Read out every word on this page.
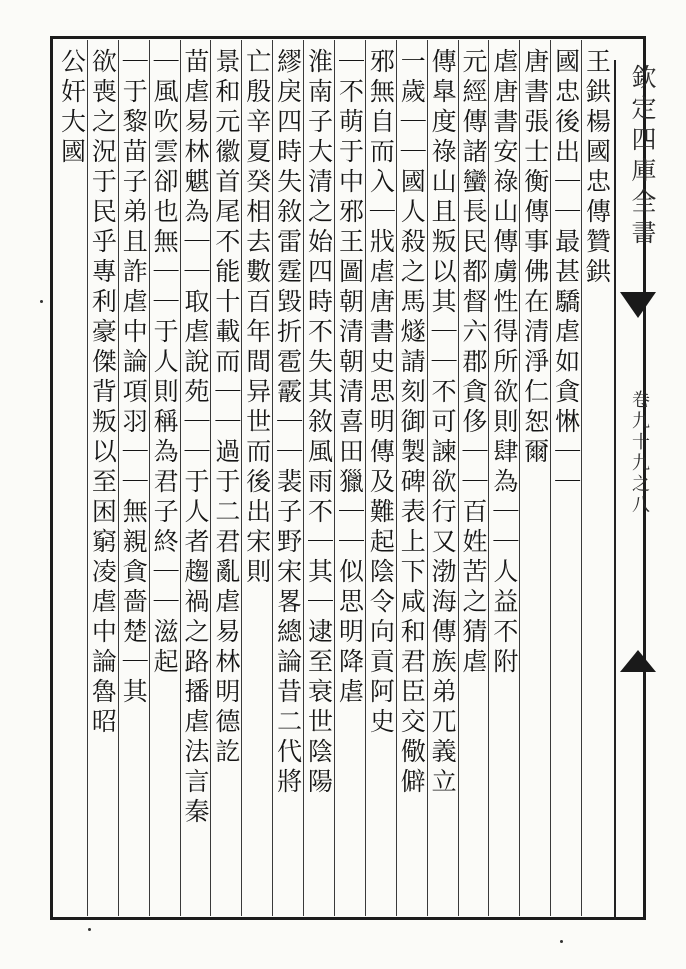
欽定四庫全書
卷九十九之八
王鉷楊國忠傳贊鉷
國忠後出｜｜最甚驕虐如貪惏｜｜
唐書張士衡傳事佛在清淨仁恕爾
虐唐書安祿山傳虜性得所欲則肆為｜｜人益不附
元經傳諸蠻長民都督六郡貪侈｜｜百姓苦之猜虐
傳臯度祿山且叛以其｜｜不可諫欲行又渤海傳族弟兀義立
一歲｜｜國人殺之馬燧請刻御製碑表上下咸和君臣交儆僻
邪無自而入｜戕虐唐書史思明傳及難起陰令向貢阿史
｜不萌于中邪王圖朝清朝清喜田獵｜｜似思明降虐
淮南子大清之始四時不失其敘風雨不｜其｜逮至衰世陰陽
繆戾四時失敘雷霆毀折雹霰｜｜裴子野宋畧總論昔二代將
亡殷辛夏癸相去數百年間异世而後出宋則
景和元徽首尾不能十載而｜｜過于二君亂虐易林明德訖
苗虐易林魌為｜｜取虐說苑｜｜于人者趨禍之路播虐法言秦
｜風吹雲卻也無｜｜于人則稱為君子終｜｜滋起
｜于黎苗子弟且詐虐中論項羽｜｜無親貪嗇楚｜其
欲喪之況于民乎專利豪傑背叛以至困窮凌虐中論魯昭
公奸大國
